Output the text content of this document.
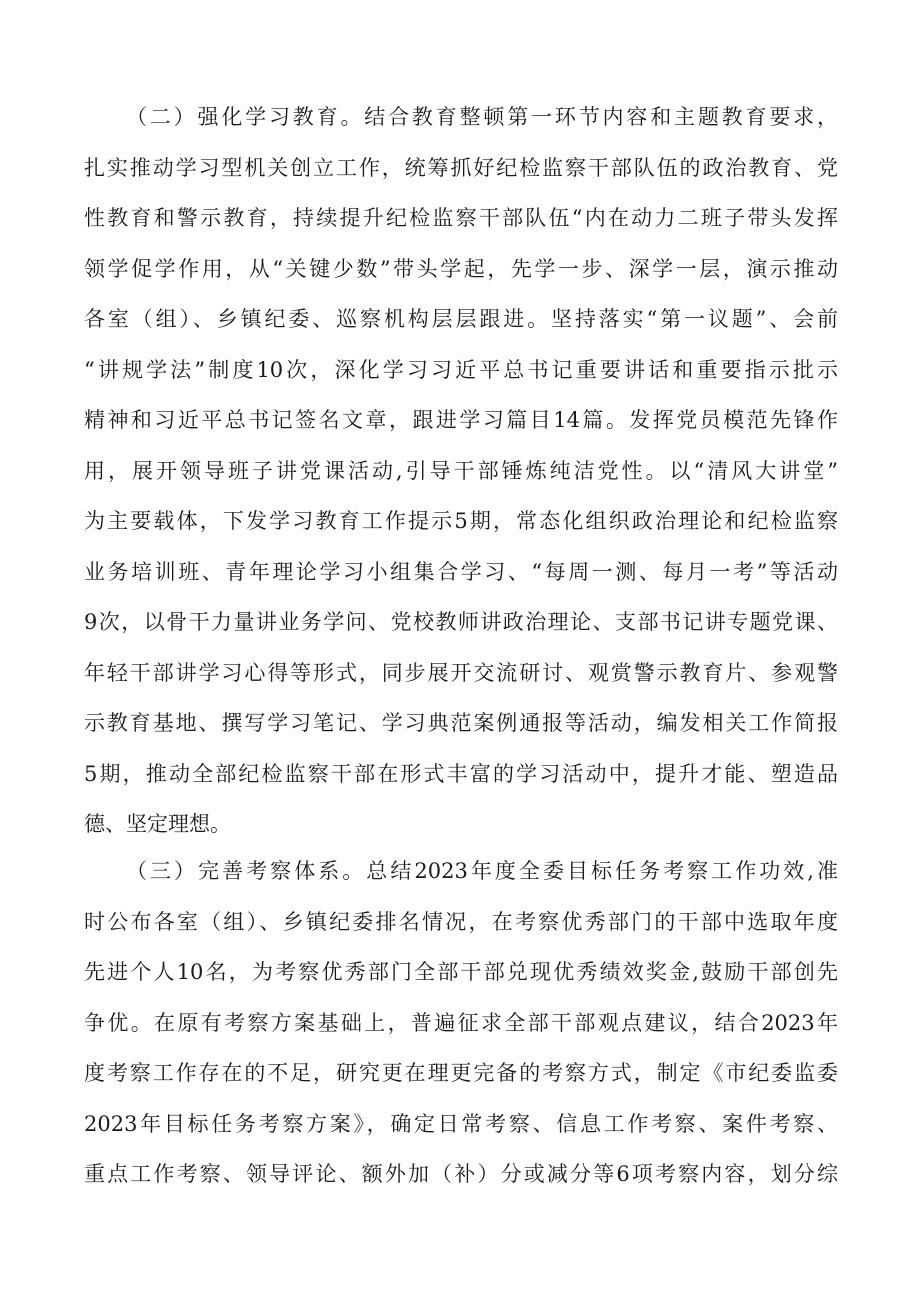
（二）强化学习教育。结合教育整顿第一环节内容和主题教育要求，
扎实推动学习型机关创立工作，统筹抓好纪检监察干部队伍的政治教育、党
性教育和警示教育，持续提升纪检监察干部队伍“内在动力二班子带头发挥
领学促学作用，从“关键少数”带头学起，先学一步、深学一层，演示推动
各室（组）、乡镇纪委、巡察机构层层跟进。坚持落实“第一议题”、会前
“讲规学法”制度10次，深化学习习近平总书记重要讲话和重要指示批示
精神和习近平总书记签名文章，跟进学习篇目14篇。发挥党员模范先锋作
用，展开领导班子讲党课活动,引导干部锤炼纯洁党性。以“清风大讲堂”
为主要载体，下发学习教育工作提示5期，常态化组织政治理论和纪检监察
业务培训班、青年理论学习小组集合学习、“每周一测、每月一考”等活动
9次，以骨干力量讲业务学问、党校教师讲政治理论、支部书记讲专题党课、
年轻干部讲学习心得等形式，同步展开交流研讨、观赏警示教育片、参观警
示教育基地、撰写学习笔记、学习典范案例通报等活动，编发相关工作简报
5期，推动全部纪检监察干部在形式丰富的学习活动中，提升才能、塑造品
德、坚定理想。
（三）完善考察体系。总结2023年度全委目标任务考察工作功效,准
时公布各室（组）、乡镇纪委排名情况，在考察优秀部门的干部中选取年度
先进个人10名，为考察优秀部门全部干部兑现优秀绩效奖金,鼓励干部创先
争优。在原有考察方案基础上，普遍征求全部干部观点建议，结合2023年
度考察工作存在的不足，研究更在理更完备的考察方式，制定《市纪委监委
2023年目标任务考察方案》，确定日常考察、信息工作考察、案件考察、
重点工作考察、领导评论、额外加（补）分或减分等6项考察内容，划分综
